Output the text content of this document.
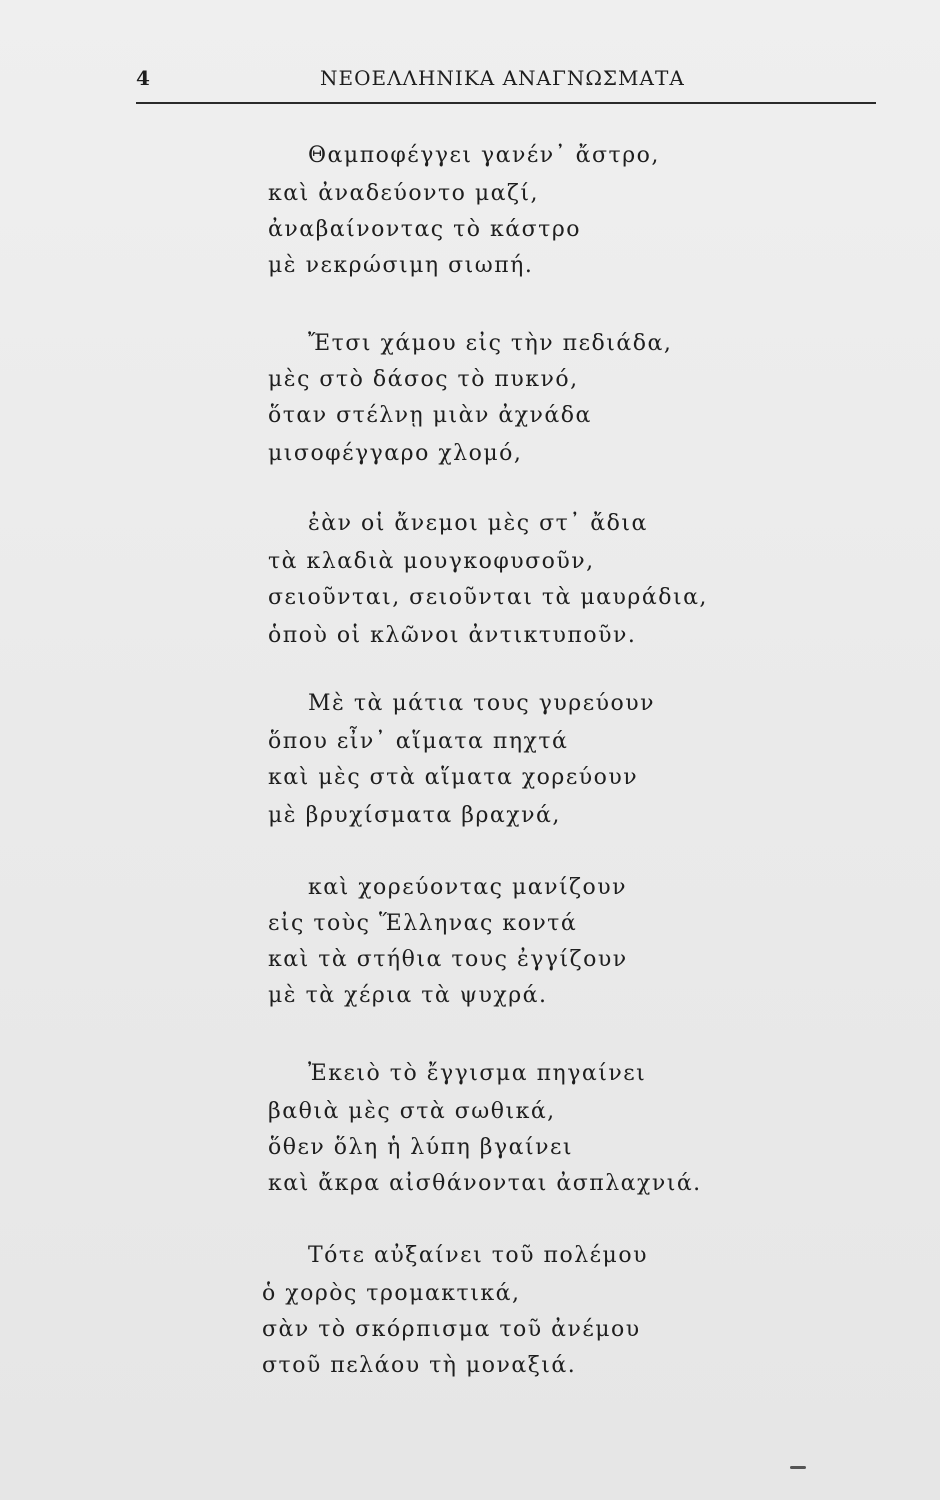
4	ΝΕΟΕΛΛΗΝΙΚΑ ΑΝΑΓΝΩΣΜΑΤΑ
Θαμποφέγγει γανέν᾽ ἄστρο,
καὶ ἀναδεύοντο μαζί,
ἀναβαίνοντας τὸ κάστρο
μὲ νεκρώσιμη σιωπή.
Ἔτσι χάμου εἰς τὴν πεδιάδα,
μὲς στὸ δάσος τὸ πυκνό,
ὅταν στέλνῃ μιὰν ἀχνάδα
μισοφέγγαρο χλομό,
ἐὰν οἱ ἄνεμοι μὲς στ᾽ ἄδια
τὰ κλαδιὰ μουγκοφυσοῦν,
σειοῦνται, σειοῦνται τὰ μαυράδια,
ὁποὺ οἱ κλῶνοι ἀντικτυποῦν.
Μὲ τὰ μάτια τους γυρεύουν
ὅπου εἶν᾽ αἵματα πηχτά
καὶ μὲς στὰ αἵματα χορεύουν
μὲ βρυχίσματα βραχνά,
καὶ χορεύοντας μανίζουν
εἰς τοὺς Ἕλληνας κοντά
καὶ τὰ στήθια τους ἐγγίζουν
μὲ τὰ χέρια τὰ ψυχρά.
Ἐκειὸ τὸ ἔγγισμα πηγαίνει
βαθιὰ μὲς στὰ σωθικά,
ὅθεν ὅλη ἡ λύπη βγαίνει
καὶ ἄκρα αἰσθάνονται ἀσπλαχνιά.
Τότε αὐξαίνει τοῦ πολέμου
ὁ χορὸς τρομακτικά,
σὰν τὸ σκόρπισμα τοῦ ἀνέμου
στοῦ πελάου τὴ μοναξιά.
